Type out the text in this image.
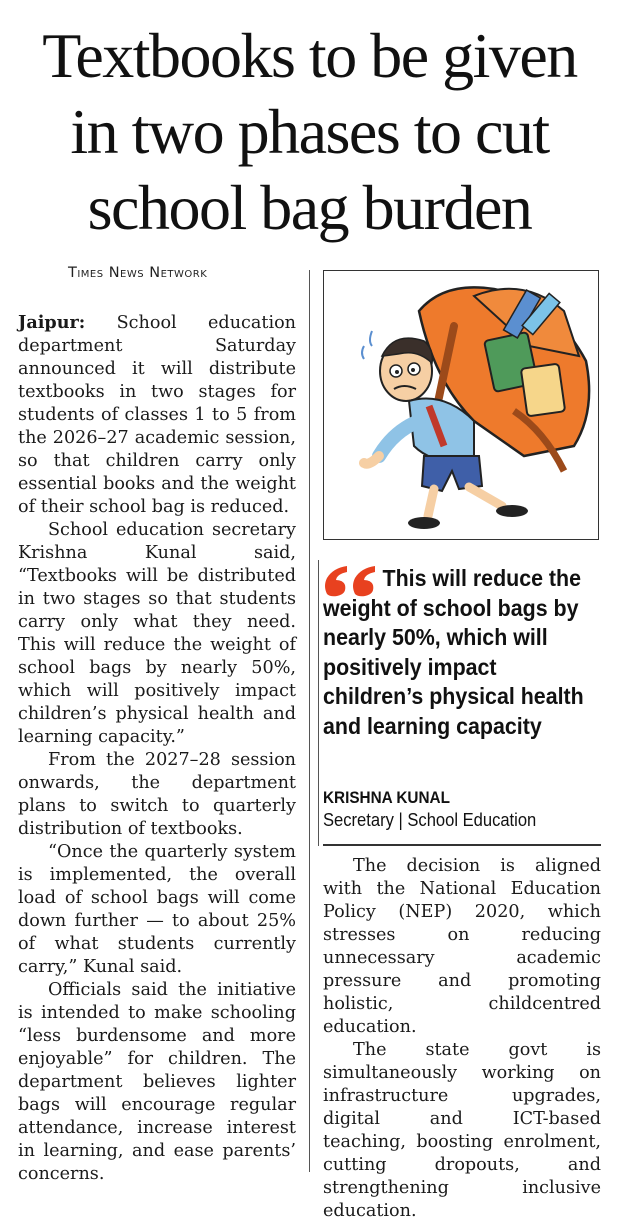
Textbooks to be given
in two phases to cut
school bag burden
Times News Network

Jaipur: School education department Saturday announced it will distribute textbooks in two stages for students of classes 1 to 5 from the 2026–27 academic session, so that children carry only essential books and the weight of their school bag is reduced.

School education secretary Krishna Kunal said, “Textbooks will be distributed in two stages so that students carry only what they need. This will reduce the weight of school bags by nearly 50%, which will positively impact children’s physical health and learning capacity.”

From the 2027–28 session onwards, the department plans to switch to quarterly distribution of textbooks.

“Once the quarterly system is implemented, the overall load of school bags will come down further — to about 25% of what students currently carry,” Kunal said.

Officials said the initiative is intended to make schooling “less burdensome and more enjoyable” for children. The department believes lighter bags will encourage regular attendance, increase interest in learning, and ease parents’ concerns.

This will reduce the weight of school bags by nearly 50%, which will positively impact children’s physical health and learning capacity

KRISHNA KUNAL
Secretary | School Education

The decision is aligned with the National Education Policy (NEP) 2020, which stresses on reducing unnecessary academic pressure and promoting holistic, childcentred education.

The state govt is simultaneously working on infrastructure upgrades, digital and ICT-based teaching, boosting enrolment, cutting dropouts, and strengthening inclusive education.
